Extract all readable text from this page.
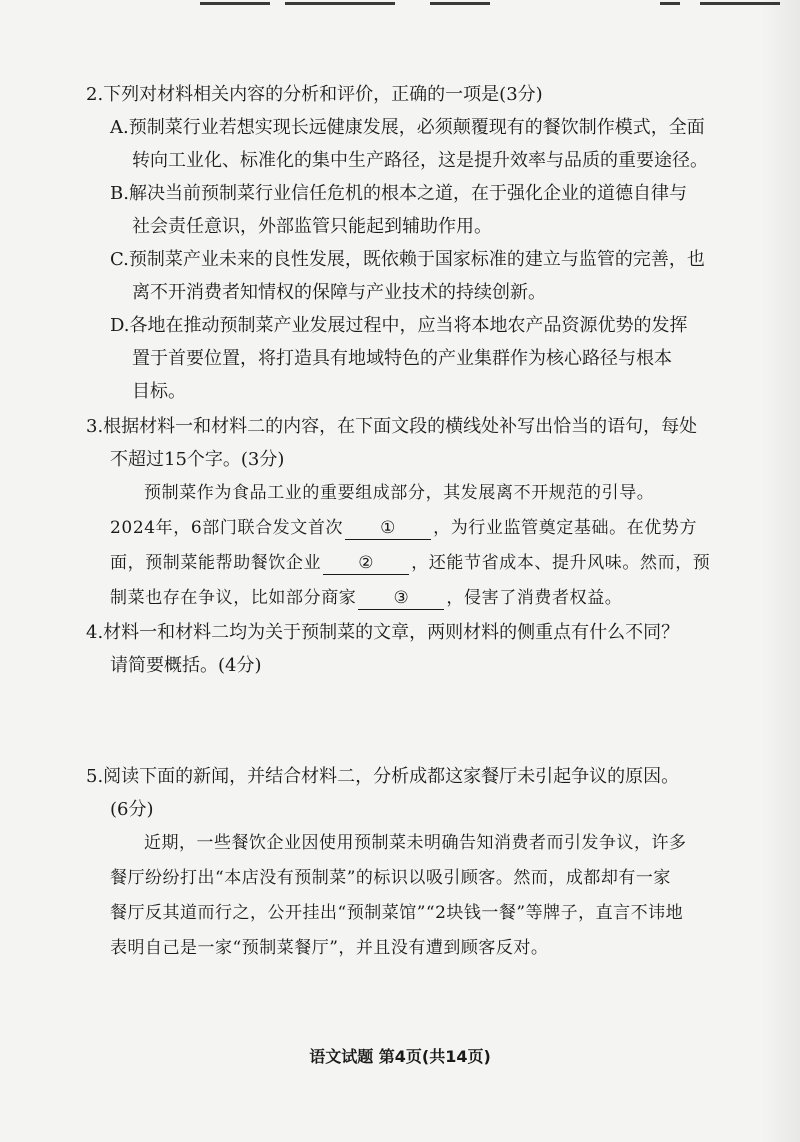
2.下列对材料相关内容的分析和评价，正确的一项是(3分)
A.预制菜行业若想实现长远健康发展，必须颠覆现有的餐饮制作模式，全面
转向工业化、标准化的集中生产路径，这是提升效率与品质的重要途径。
B.解决当前预制菜行业信任危机的根本之道，在于强化企业的道德自律与
社会责任意识，外部监管只能起到辅助作用。
C.预制菜产业未来的良性发展，既依赖于国家标准的建立与监管的完善，也
离不开消费者知情权的保障与产业技术的持续创新。
D.各地在推动预制菜产业发展过程中，应当将本地农产品资源优势的发挥
置于首要位置，将打造具有地域特色的产业集群作为核心路径与根本
目标。
3.根据材料一和材料二的内容，在下面文段的横线处补写出恰当的语句，每处
不超过15个字。(3分)
预制菜作为食品工业的重要组成部分，其发展离不开规范的引导。
2024年，6部门联合发文首次 ① ，为行业监管奠定基础。在优势方
面，预制菜能帮助餐饮企业 ② ，还能节省成本、提升风味。然而，预
制菜也存在争议，比如部分商家 ③ ，侵害了消费者权益。
4.材料一和材料二均为关于预制菜的文章，两则材料的侧重点有什么不同？
请简要概括。(4分)
5.阅读下面的新闻，并结合材料二，分析成都这家餐厅未引起争议的原因。
(6分)
近期，一些餐饮企业因使用预制菜未明确告知消费者而引发争议，许多
餐厅纷纷打出“本店没有预制菜”的标识以吸引顾客。然而，成都却有一家
餐厅反其道而行之，公开挂出“预制菜馆”“2块钱一餐”等牌子，直言不讳地
表明自己是一家“预制菜餐厅”，并且没有遭到顾客反对。
语文试题 第4页(共14页)
